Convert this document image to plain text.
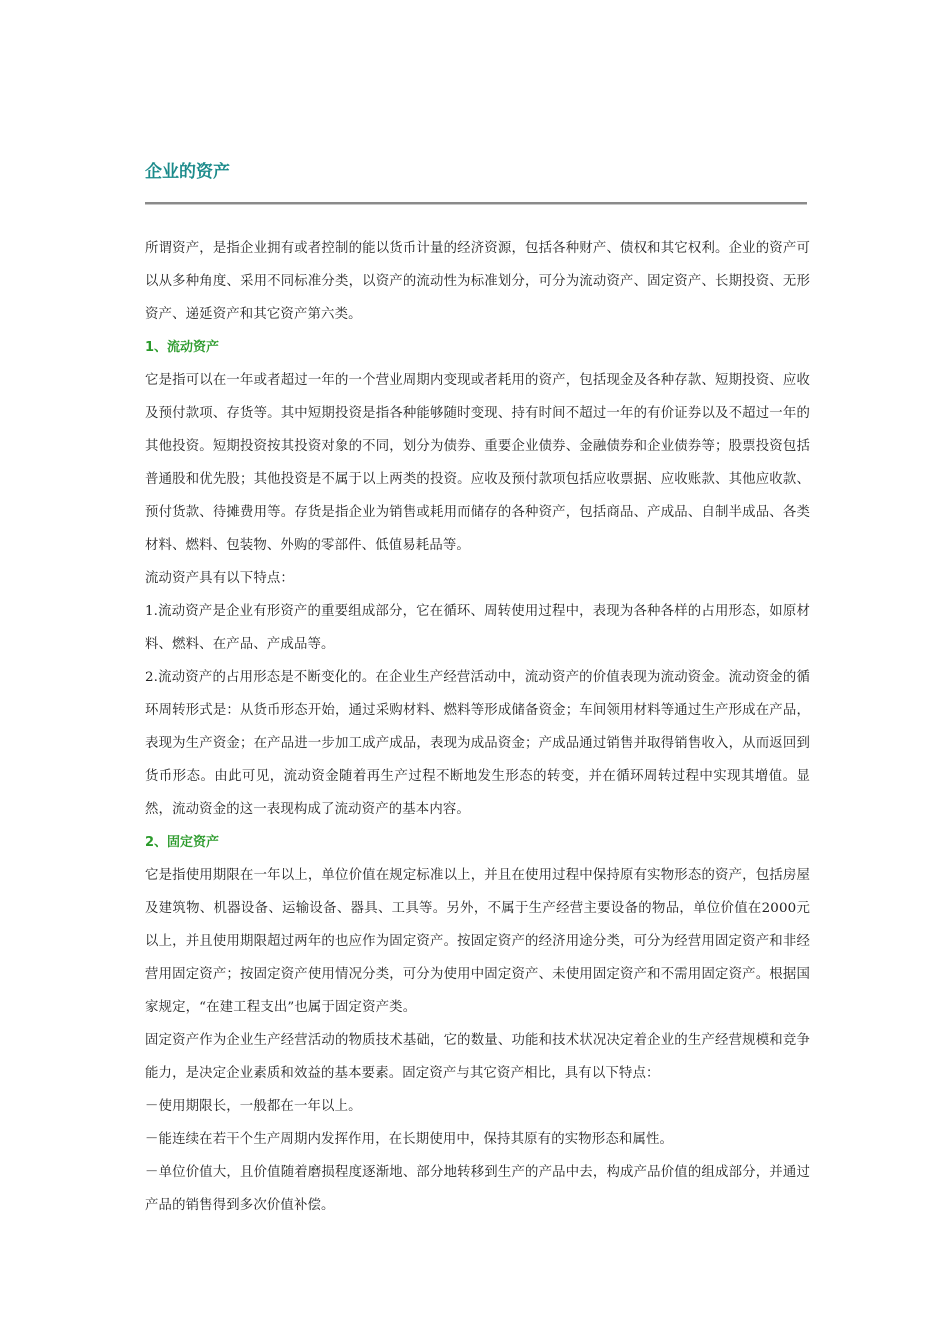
企业的资产

所谓资产，是指企业拥有或者控制的能以货币计量的经济资源，包括各种财产、债权和其它权利。企业的资产可以从多种角度、采用不同标准分类，以资产的流动性为标准划分，可分为流动资产、固定资产、长期投资、无形资产、递延资产和其它资产第六类。

1、流动资产

它是指可以在一年或者超过一年的一个营业周期内变现或者耗用的资产，包括现金及各种存款、短期投资、应收及预付款项、存货等。其中短期投资是指各种能够随时变现、持有时间不超过一年的有价证券以及不超过一年的其他投资。短期投资按其投资对象的不同，划分为债券、重要企业债券、金融债券和企业债券等；股票投资包括普通股和优先股；其他投资是不属于以上两类的投资。应收及预付款项包括应收票据、应收账款、其他应收款、预付货款、待摊费用等。存货是指企业为销售或耗用而储存的各种资产，包括商品、产成品、自制半成品、各类材料、燃料、包装物、外购的零部件、低值易耗品等。

流动资产具有以下特点：

1.流动资产是企业有形资产的重要组成部分，它在循环、周转使用过程中，表现为各种各样的占用形态，如原材料、燃料、在产品、产成品等。

2.流动资产的占用形态是不断变化的。在企业生产经营活动中，流动资产的价值表现为流动资金。流动资金的循环周转形式是：从货币形态开始，通过采购材料、燃料等形成储备资金；车间领用材料等通过生产形成在产品，表现为生产资金；在产品进一步加工成产成品，表现为成品资金；产成品通过销售并取得销售收入，从而返回到货币形态。由此可见，流动资金随着再生产过程不断地发生形态的转变，并在循环周转过程中实现其增值。显然，流动资金的这一表现构成了流动资产的基本内容。

2、固定资产

它是指使用期限在一年以上，单位价值在规定标准以上，并且在使用过程中保持原有实物形态的资产，包括房屋及建筑物、机器设备、运输设备、器具、工具等。另外，不属于生产经营主要设备的物品，单位价值在2000元以上，并且使用期限超过两年的也应作为固定资产。按固定资产的经济用途分类，可分为经营用固定资产和非经营用固定资产；按固定资产使用情况分类，可分为使用中固定资产、未使用固定资产和不需用固定资产。根据国家规定，“在建工程支出”也属于固定资产类。

固定资产作为企业生产经营活动的物质技术基础，它的数量、功能和技术状况决定着企业的生产经营规模和竞争能力，是决定企业素质和效益的基本要素。固定资产与其它资产相比，具有以下特点：

－使用期限长，一般都在一年以上。

－能连续在若干个生产周期内发挥作用，在长期使用中，保持其原有的实物形态和属性。

－单位价值大，且价值随着磨损程度逐渐地、部分地转移到生产的产品中去，构成产品价值的组成部分，并通过产品的销售得到多次价值补偿。
